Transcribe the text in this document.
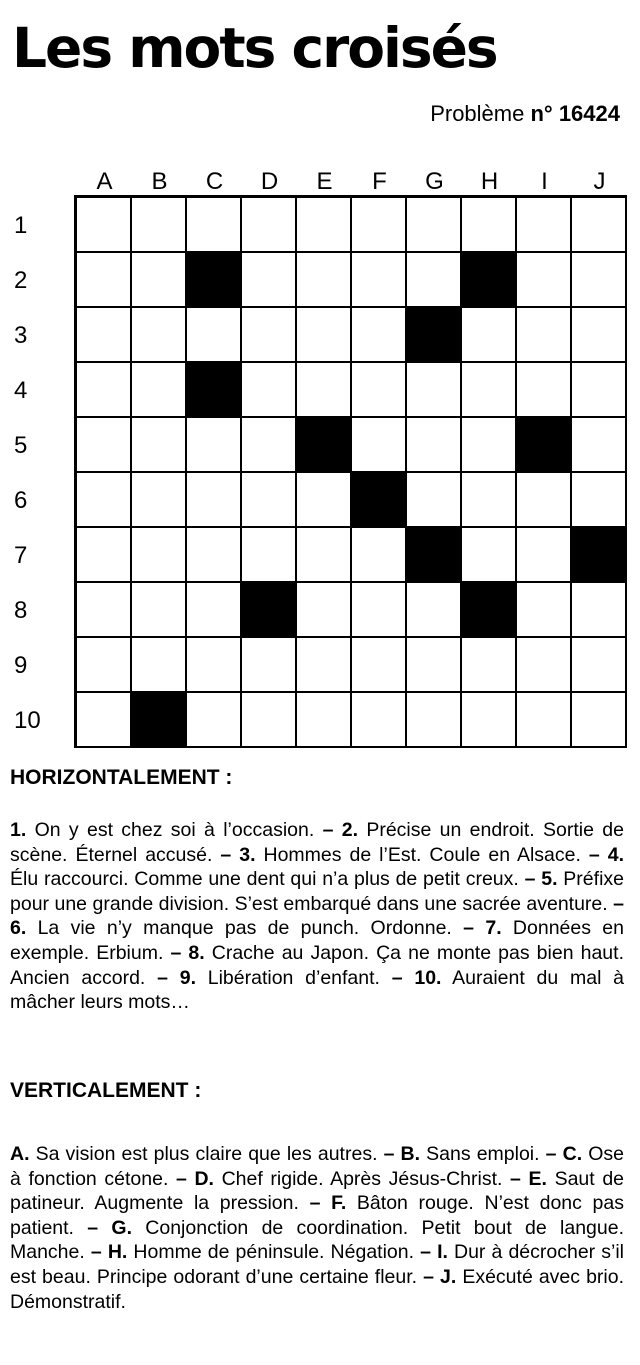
Les mots croisés
Problème n° 16424
A	B	C	D	E	F	G	H	I	J
1
2
3
4
5
6
7
8
9
10
HORIZONTALEMENT :
1. On y est chez soi à l’occasion. – 2. Précise un endroit. Sortie de scène. Éternel accusé. – 3. Hommes de l’Est. Coule en Alsace. – 4. Élu raccourci. Comme une dent qui n’a plus de petit creux. – 5. Préfixe pour une grande division. S’est embarqué dans une sacrée aventure. – 6. La vie n’y manque pas de punch. Ordonne. – 7. Données en exemple. Erbium. – 8. Crache au Japon. Ça ne monte pas bien haut. Ancien accord. – 9. Libération d’enfant. – 10. Auraient du mal à mâcher leurs mots…
VERTICALEMENT :
A. Sa vision est plus claire que les autres. – B. Sans emploi. – C. Ose à fonction cétone. – D. Chef rigide. Après Jésus-Christ. – E. Saut de patineur. Augmente la pression. – F. Bâton rouge. N’est donc pas patient. – G. Conjonction de coordination. Petit bout de langue. Manche. – H. Homme de péninsule. Négation. – I. Dur à décrocher s’il est beau. Principe odorant d’une certaine fleur. – J. Exécuté avec brio. Démonstratif.
